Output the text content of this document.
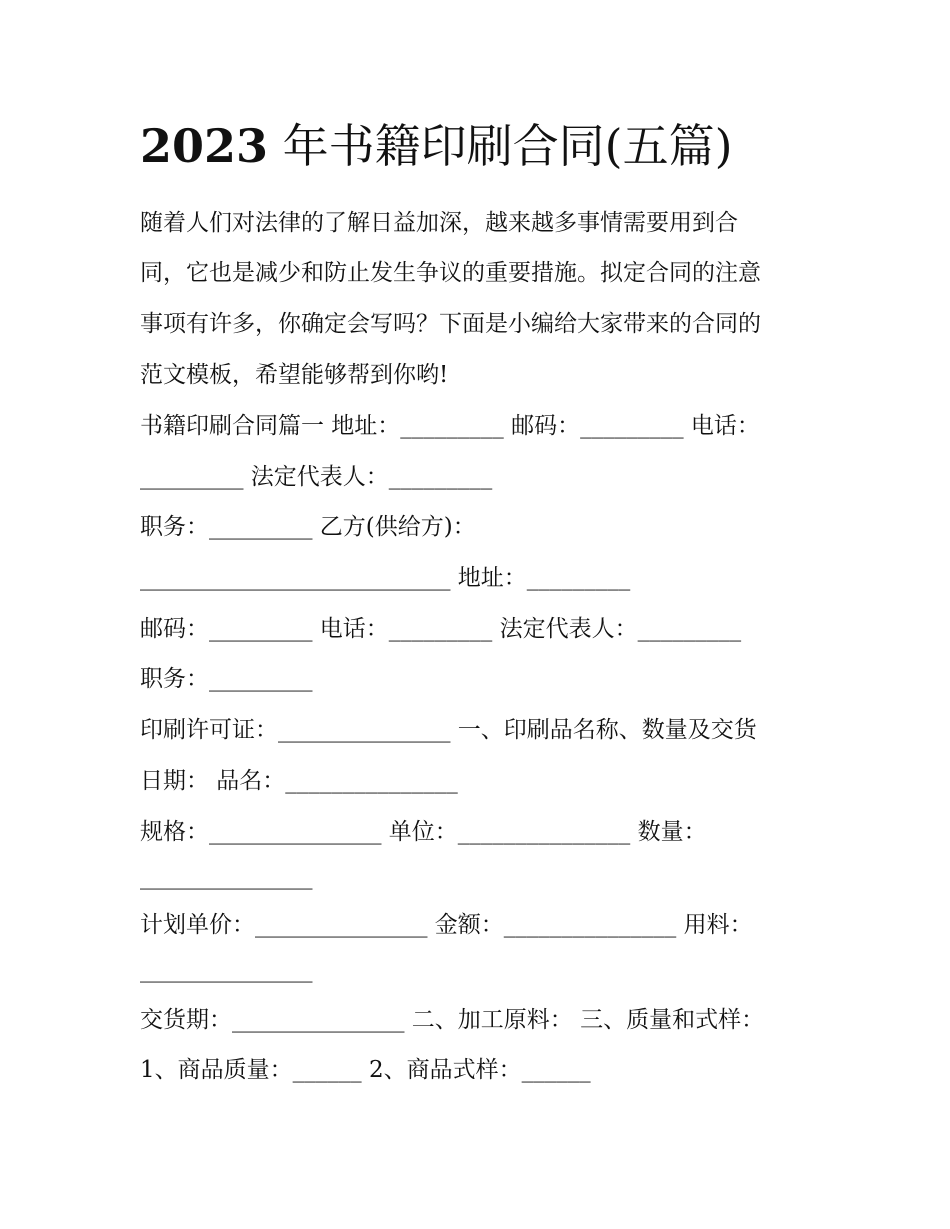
2023 年书籍印刷合同(五篇)

随着人们对法律的了解日益加深，越来越多事情需要用到合

同，它也是减少和防止发生争议的重要措施。拟定合同的注意

事项有许多，你确定会写吗？下面是小编给大家带来的合同的

范文模板，希望能够帮到你哟!

书籍印刷合同篇一 地址：_________ 邮码：_________ 电话：

_________ 法定代表人：_________

职务：_________ 乙方(供给方)：

___________________________ 地址：_________

邮码：_________ 电话：_________ 法定代表人：_________

职务：_________

印刷许可证：_______________ 一、印刷品名称、数量及交货

日期： 品名：_______________

规格：_______________ 单位：_______________ 数量：

_______________

计划单价：_______________ 金额：_______________ 用料：

_______________

交货期：_______________ 二、加工原料： 三、质量和式样：

1、商品质量：______ 2、商品式样：______
